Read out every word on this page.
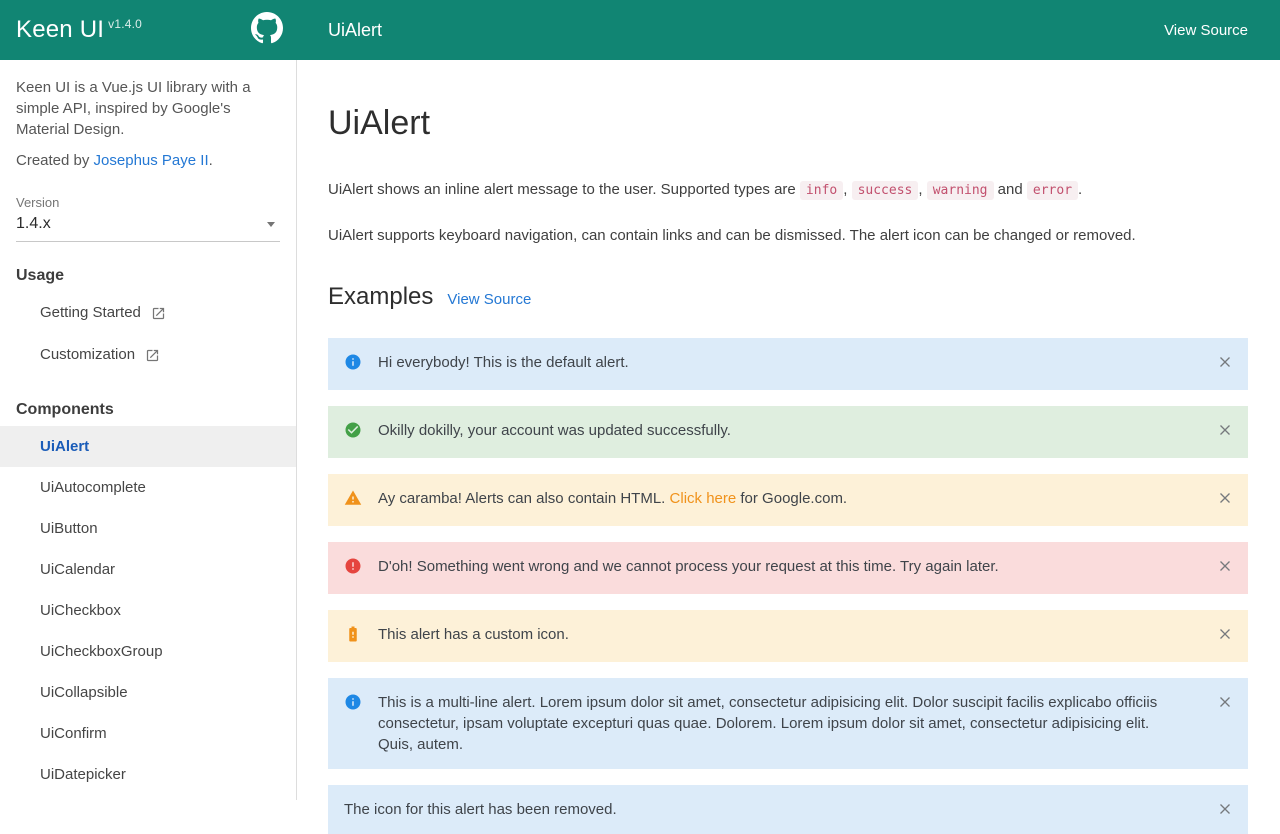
Keen UI $^{v1.4.0}$	UiAlert	View Source

Keen UI is a Vue.js UI library with a simple API, inspired by Google's Material Design.

Created by Josephus Paye II.

Version
1.4.x
Usage
Getting Started
Customization
Components
UiAlert
UiAutocomplete
UiButton
UiCalendar
UiCheckbox
UiCheckboxGroup
UiCollapsible
UiConfirm
UiDatepicker
UiAlert

UiAlert shows an inline alert message to the user. Supported types are info , success , warning and error .

UiAlert supports keyboard navigation, can contain links and can be dismissed. The alert icon can be changed or removed.

Examples View Source
Hi everybody! This is the default alert.
Okilly dokilly, your account was updated successfully.
Ay caramba! Alerts can also contain HTML. Click here for Google.com.
D'oh! Something went wrong and we cannot process your request at this time. Try again later.
This alert has a custom icon.
This is a multi-line alert. Lorem ipsum dolor sit amet, consectetur adipisicing elit. Dolor suscipit facilis explicabo officiis consectetur, ipsam voluptate excepturi quas quae. Dolorem. Lorem ipsum dolor sit amet, consectetur adipisicing elit. Quis, autem.
The icon for this alert has been removed.
